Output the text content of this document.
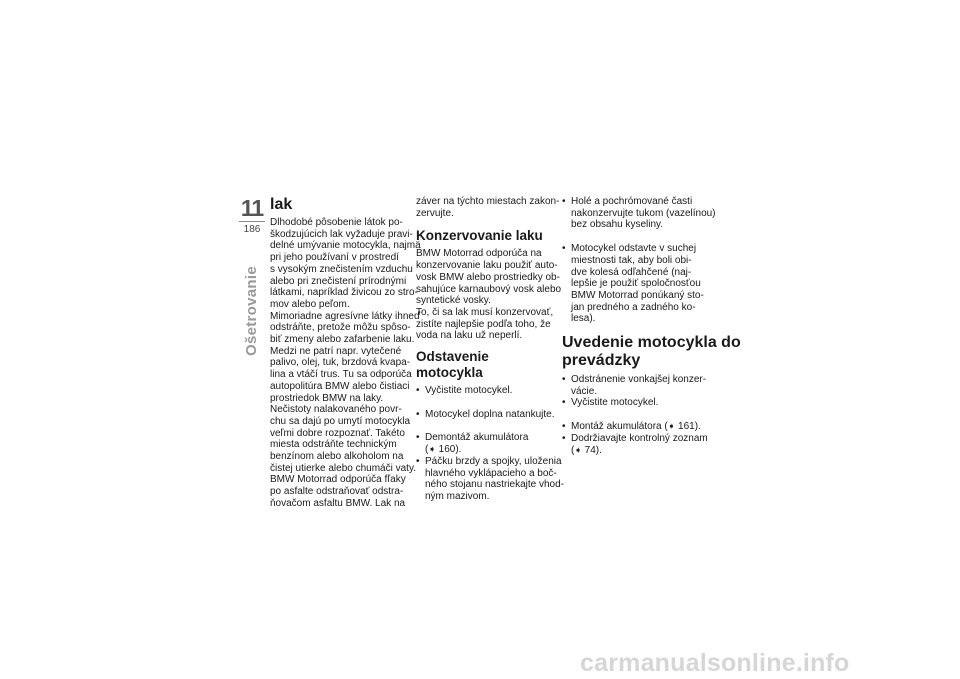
11
186
Ošetrovanie
lak

Dlhodobé pôsobenie látok po-
škodzujúcich lak vyžaduje pravi-
delné umývanie motocykla, najmä
pri jeho používaní v prostredí
s vysokým znečistením vzduchu
alebo pri znečistení prírodnými
látkami, napríklad živicou zo stro-
mov alebo peľom.
Mimoriadne agresívne látky ihneď
odstráňte, pretože môžu spôso-
biť zmeny alebo zafarbenie laku.
Medzi ne patrí napr. vytečené
palivo, olej, tuk, brzdová kvapa-
lina a vtáčí trus. Tu sa odporúča
autopolitúra BMW alebo čistiaci
prostriedok BMW na laky.
Nečistoty nalakovaného povr-
chu sa dajú po umytí motocykla
veľmi dobre rozpoznať. Takéto
miesta odstráňte technickým
benzínom alebo alkoholom na
čistej utierke alebo chumáči vaty.
BMW Motorrad odporúča fľaky
po asfalte odstraňovať odstra-
ňovačom asfaltu BMW. Lak na

záver na týchto miestach zakon-
zervujte.

Konzervovanie laku

BMW Motorrad odporúča na
konzervovanie laku použiť auto-
vosk BMW alebo prostriedky ob-
sahujúce karnaubový vosk alebo
syntetické vosky.
To, či sa lak musí konzervovať,
zistíte najlepšie podľa toho, že
voda na laku už neperlí.

Odstavenie motocykla
• Vyčistite motocykel.
• Motocykel doplna natankujte.
• Demontáž akumulátora
(➧ 160).
• Páčku brzdy a spojky, uloženia
hlavného vyklápacieho a boč-
ného stojanu nastriekajte vhod-
ným mazivom.
• Holé a pochrómované časti
nakonzervujte tukom (vazelínou)
bez obsahu kyseliny.
• Motocykel odstavte v suchej
miestnosti tak, aby boli obi-
dve kolesá odľahčené (naj-
lepšie je použiť spoločnosťou
BMW Motorrad ponúkaný sto-
jan predného a zadného ko-
lesa).
Uvedenie motocykla do
prevádzky
• Odstránenie vonkajšej konzer-
vácie.
• Vyčistite motocykel.
• Montáž akumulátora (➧ 161).
• Dodržiavajte kontrolný zoznam
(➧ 74).
carmanualsonline.info
